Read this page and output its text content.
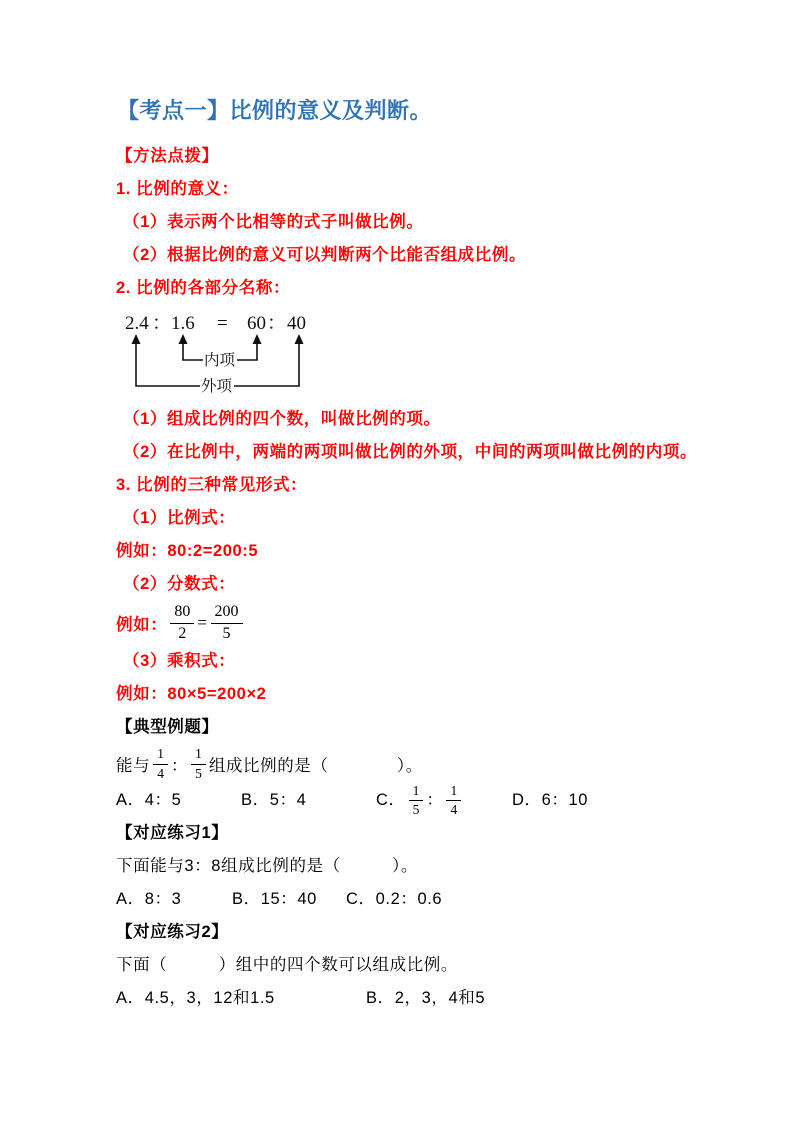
【考点一】比例的意义及判断。

【方法点拨】

1. 比例的意义：

（1）表示两个比相等的式子叫做比例。

（2）根据比例的意义可以判断两个比能否组成比例。

2. 比例的各部分名称：

2.4 ： 1.6 = 60 ： 40
内项
外项

（1）组成比例的四个数，叫做比例的项。

（2）在比例中，两端的两项叫做比例的外项，中间的两项叫做比例的内项。

3. 比例的三种常见形式：

（1）比例式：

例如：80:2=200:5

（2）分数式：

例如： $\frac{80}{2} = \frac{200}{5}$

（3）乘积式：

例如：80×5=200×2

【典型例题】

能与 $\frac{1}{4}$ ： $\frac{1}{5}$ 组成比例的是（　　　　）。
A．4：5	B．5：4	C． $\frac{1}{5}$ ： $\frac{1}{4}$	D．6：10

【对应练习1】

下面能与3：8组成比例的是（　　　）。

A．8：3	B．15：40	C．0.2：0.6

【对应练习2】

下面（　　　）组中的四个数可以组成比例。

A．4.5，3，12和1.5	B．2，3，4和5
